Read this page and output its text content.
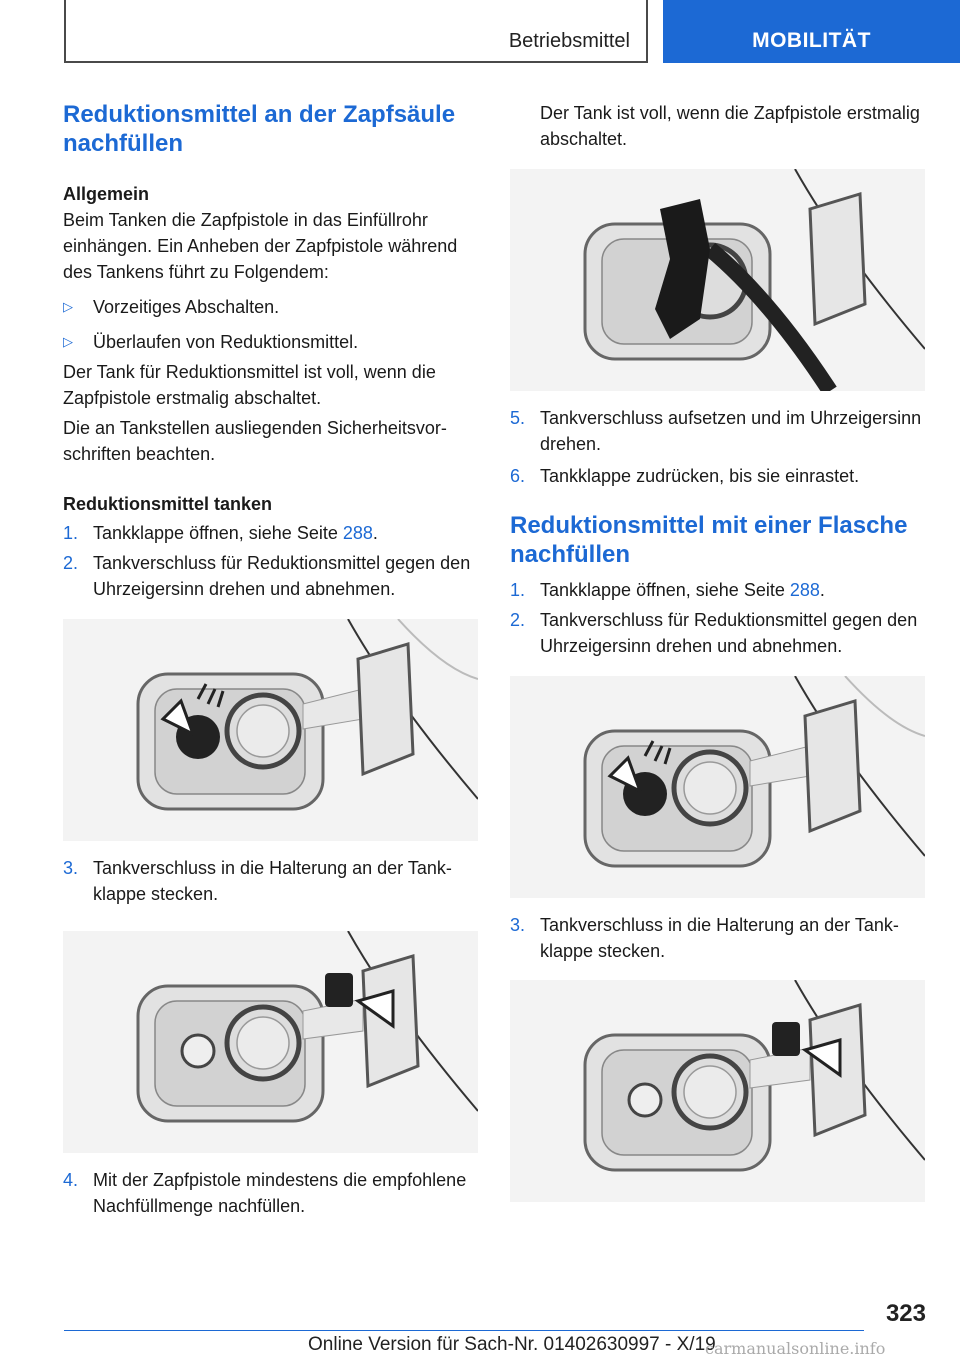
Betriebsmittel	MOBILITÄT
Reduktionsmittel an der Zapfsäule nachfüllen
Allgemein

Beim Tanken die Zapfpistole in das Einfüllrohr einhängen. Ein Anheben der Zapfpistole während des Tankens führt zu Folgendem:

▷ Vorzeitiges Abschalten.
▷ Überlaufen von Reduktionsmittel.

Der Tank für Reduktionsmittel ist voll, wenn die Zapfpistole erstmalig abschaltet.

Die an Tankstellen ausliegenden Sicherheitsvorschriften beachten.

Reduktionsmittel tanken
1. Tankklappe öffnen, siehe Seite 288.
2. Tankverschluss für Reduktionsmittel gegen den Uhrzeigersinn drehen und abnehmen.
3. Tankverschluss in die Halterung an der Tankklappe stecken.
4. Mit der Zapfpistole mindestens die empfohlene Nachfüllmenge nachfüllen.

Der Tank ist voll, wenn die Zapfpistole erstmalig abschaltet.

5. Tankverschluss aufsetzen und im Uhrzeigersinn drehen.
6. Tankklappe zudrücken, bis sie einrastet.
Reduktionsmittel mit einer Flasche nachfüllen
1. Tankklappe öffnen, siehe Seite 288.
2. Tankverschluss für Reduktionsmittel gegen den Uhrzeigersinn drehen und abnehmen.
3. Tankverschluss in die Halterung an der Tankklappe stecken.
323
Online Version für Sach-Nr. 01402630997 - X/19
carmanualsonline.info
